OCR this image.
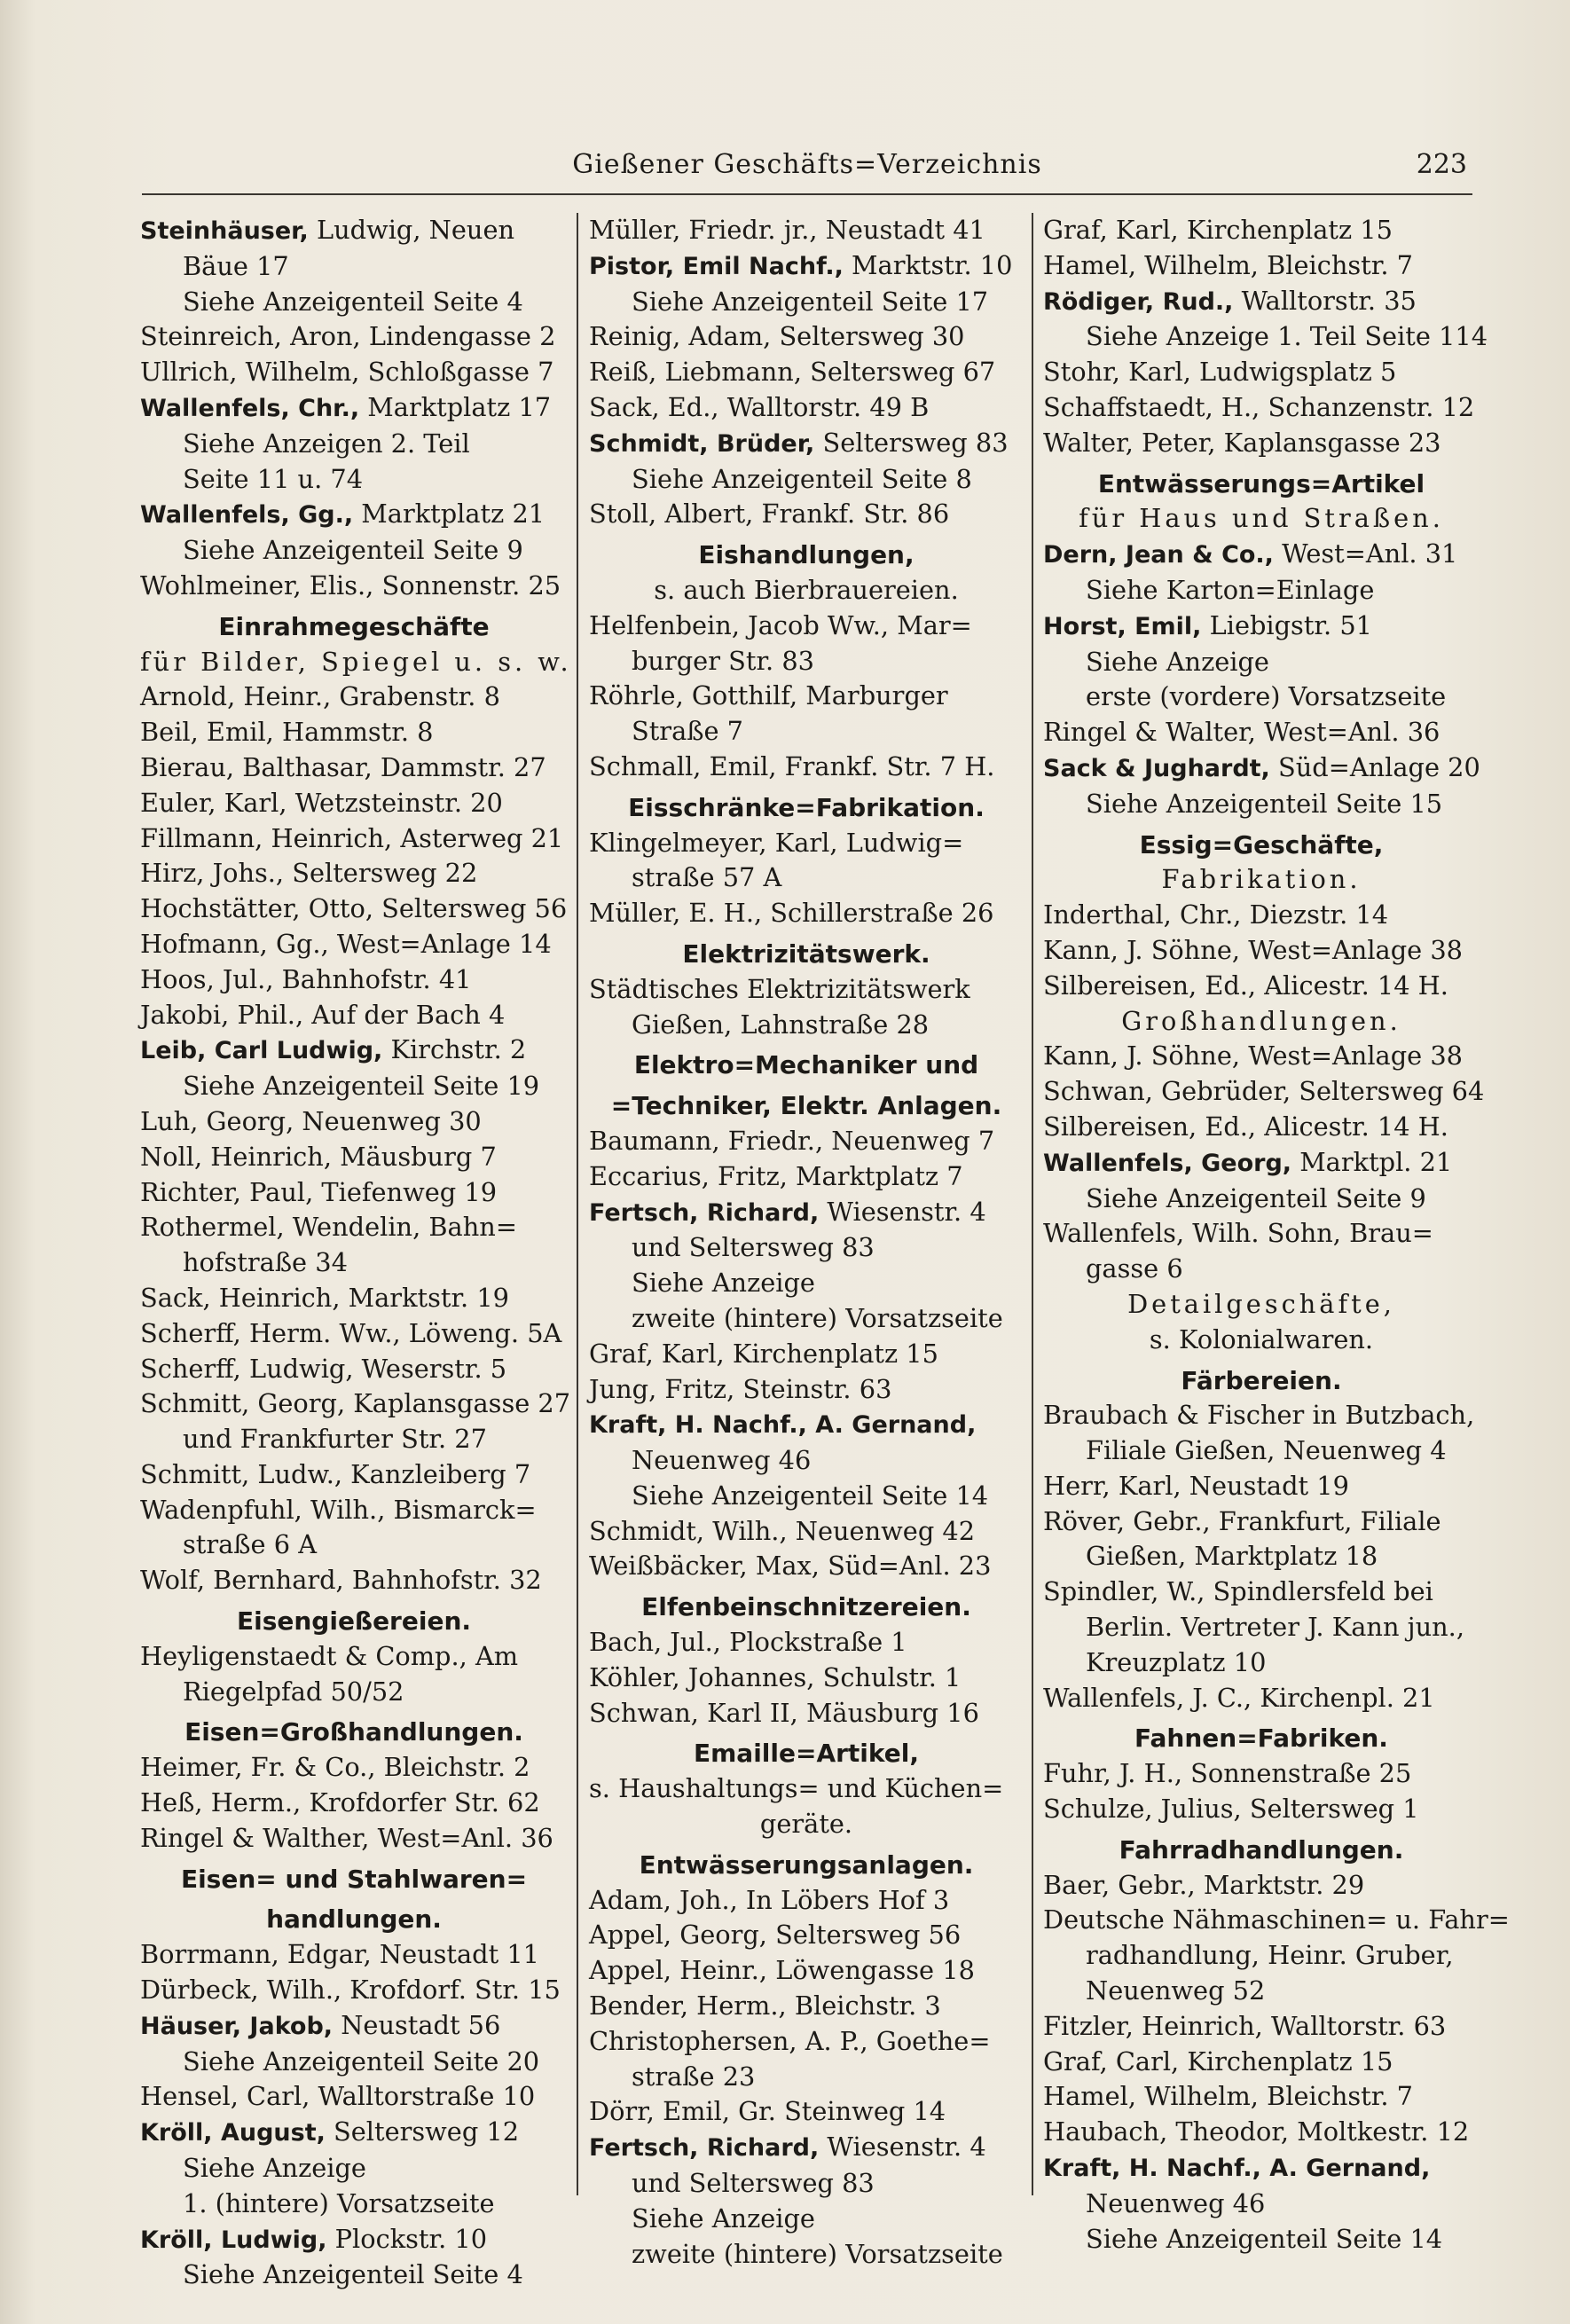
Gießener Geschäfts=Verzeichnis	223
Steinhäuser, Ludwig, Neuen
Bäue 17
Siehe Anzeigenteil Seite 4
Steinreich, Aron, Lindengasse 2
Ullrich, Wilhelm, Schloßgasse 7
Wallenfels, Chr., Marktplatz 17
Siehe Anzeigen 2. Teil
Seite 11 u. 74
Wallenfels, Gg., Marktplatz 21
Siehe Anzeigenteil Seite 9
Wohlmeiner, Elis., Sonnenstr. 25
Einrahmegeschäfte
für Bilder, Spiegel u. s. w.
Arnold, Heinr., Grabenstr. 8
Beil, Emil, Hammstr. 8
Bierau, Balthasar, Dammstr. 27
Euler, Karl, Wetzsteinstr. 20
Fillmann, Heinrich, Asterweg 21
Hirz, Johs., Seltersweg 22
Hochstätter, Otto, Seltersweg 56
Hofmann, Gg., West=Anlage 14
Hoos, Jul., Bahnhofstr. 41
Jakobi, Phil., Auf der Bach 4
Leib, Carl Ludwig, Kirchstr. 2
Siehe Anzeigenteil Seite 19
Luh, Georg, Neuenweg 30
Noll, Heinrich, Mäusburg 7
Richter, Paul, Tiefenweg 19
Rothermel, Wendelin, Bahn=
hofstraße 34
Sack, Heinrich, Marktstr. 19
Scherff, Herm. Ww., Löweng. 5A
Scherff, Ludwig, Weserstr. 5
Schmitt, Georg, Kaplansgasse 27
und Frankfurter Str. 27
Schmitt, Ludw., Kanzleiberg 7
Wadenpfuhl, Wilh., Bismarck=
straße 6 A
Wolf, Bernhard, Bahnhofstr. 32
Eisengießereien.
Heyligenstaedt & Comp., Am
Riegelpfad 50/52
Eisen=Großhandlungen.
Heimer, Fr. & Co., Bleichstr. 2
Heß, Herm., Krofdorfer Str. 62
Ringel & Walther, West=Anl. 36
Eisen= und Stahlwaren=
handlungen.
Borrmann, Edgar, Neustadt 11
Dürbeck, Wilh., Krofdorf. Str. 15
Häuser, Jakob, Neustadt 56
Siehe Anzeigenteil Seite 20
Hensel, Carl, Walltorstraße 10
Kröll, August, Seltersweg 12
Siehe Anzeige
1. (hintere) Vorsatzseite
Kröll, Ludwig, Plockstr. 10
Siehe Anzeigenteil Seite 4
Müller, Friedr. jr., Neustadt 41
Pistor, Emil Nachf., Marktstr. 10
Siehe Anzeigenteil Seite 17
Reinig, Adam, Seltersweg 30
Reiß, Liebmann, Seltersweg 67
Sack, Ed., Walltorstr. 49 B
Schmidt, Brüder, Seltersweg 83
Siehe Anzeigenteil Seite 8
Stoll, Albert, Frankf. Str. 86
Eishandlungen,
s. auch Bierbrauereien.
Helfenbein, Jacob Ww., Mar=
burger Str. 83
Röhrle, Gotthilf, Marburger
Straße 7
Schmall, Emil, Frankf. Str. 7 H.
Eisschränke=Fabrikation.
Klingelmeyer, Karl, Ludwig=
straße 57 A
Müller, E. H., Schillerstraße 26
Elektrizitätswerk.
Städtisches Elektrizitätswerk
Gießen, Lahnstraße 28
Elektro=Mechaniker und
=Techniker, Elektr. Anlagen.
Baumann, Friedr., Neuenweg 7
Eccarius, Fritz, Marktplatz 7
Fertsch, Richard, Wiesenstr. 4
und Seltersweg 83
Siehe Anzeige
zweite (hintere) Vorsatzseite
Graf, Karl, Kirchenplatz 15
Jung, Fritz, Steinstr. 63
Kraft, H. Nachf., A. Gernand,
Neuenweg 46
Siehe Anzeigenteil Seite 14
Schmidt, Wilh., Neuenweg 42
Weißbäcker, Max, Süd=Anl. 23
Elfenbeinschnitzereien.
Bach, Jul., Plockstraße 1
Köhler, Johannes, Schulstr. 1
Schwan, Karl II, Mäusburg 16
Emaille=Artikel,
s. Haushaltungs= und Küchen=
geräte.
Entwässerungsanlagen.
Adam, Joh., In Löbers Hof 3
Appel, Georg, Seltersweg 56
Appel, Heinr., Löwengasse 18
Bender, Herm., Bleichstr. 3
Christophersen, A. P., Goethe=
straße 23
Dörr, Emil, Gr. Steinweg 14
Fertsch, Richard, Wiesenstr. 4
und Seltersweg 83
Siehe Anzeige
zweite (hintere) Vorsatzseite
Graf, Karl, Kirchenplatz 15
Hamel, Wilhelm, Bleichstr. 7
Rödiger, Rud., Walltorstr. 35
Siehe Anzeige 1. Teil Seite 114
Stohr, Karl, Ludwigsplatz 5
Schaffstaedt, H., Schanzenstr. 12
Walter, Peter, Kaplansgasse 23
Entwässerungs=Artikel
für Haus und Straßen.
Dern, Jean & Co., West=Anl. 31
Siehe Karton=Einlage
Horst, Emil, Liebigstr. 51
Siehe Anzeige
erste (vordere) Vorsatzseite
Ringel & Walter, West=Anl. 36
Sack & Jughardt, Süd=Anlage 20
Siehe Anzeigenteil Seite 15
Essig=Geschäfte,
Fabrikation.
Inderthal, Chr., Diezstr. 14
Kann, J. Söhne, West=Anlage 38
Silbereisen, Ed., Alicestr. 14 H.
Großhandlungen.
Kann, J. Söhne, West=Anlage 38
Schwan, Gebrüder, Seltersweg 64
Silbereisen, Ed., Alicestr. 14 H.
Wallenfels, Georg, Marktpl. 21
Siehe Anzeigenteil Seite 9
Wallenfels, Wilh. Sohn, Brau=
gasse 6
Detailgeschäfte,
s. Kolonialwaren.
Färbereien.
Braubach & Fischer in Butzbach,
Filiale Gießen, Neuenweg 4
Herr, Karl, Neustadt 19
Röver, Gebr., Frankfurt, Filiale
Gießen, Marktplatz 18
Spindler, W., Spindlersfeld bei
Berlin. Vertreter J. Kann jun.,
Kreuzplatz 10
Wallenfels, J. C., Kirchenpl. 21
Fahnen=Fabriken.
Fuhr, J. H., Sonnenstraße 25
Schulze, Julius, Seltersweg 1
Fahrradhandlungen.
Baer, Gebr., Marktstr. 29
Deutsche Nähmaschinen= u. Fahr=
radhandlung, Heinr. Gruber,
Neuenweg 52
Fitzler, Heinrich, Walltorstr. 63
Graf, Carl, Kirchenplatz 15
Hamel, Wilhelm, Bleichstr. 7
Haubach, Theodor, Moltkestr. 12
Kraft, H. Nachf., A. Gernand,
Neuenweg 46
Siehe Anzeigenteil Seite 14
